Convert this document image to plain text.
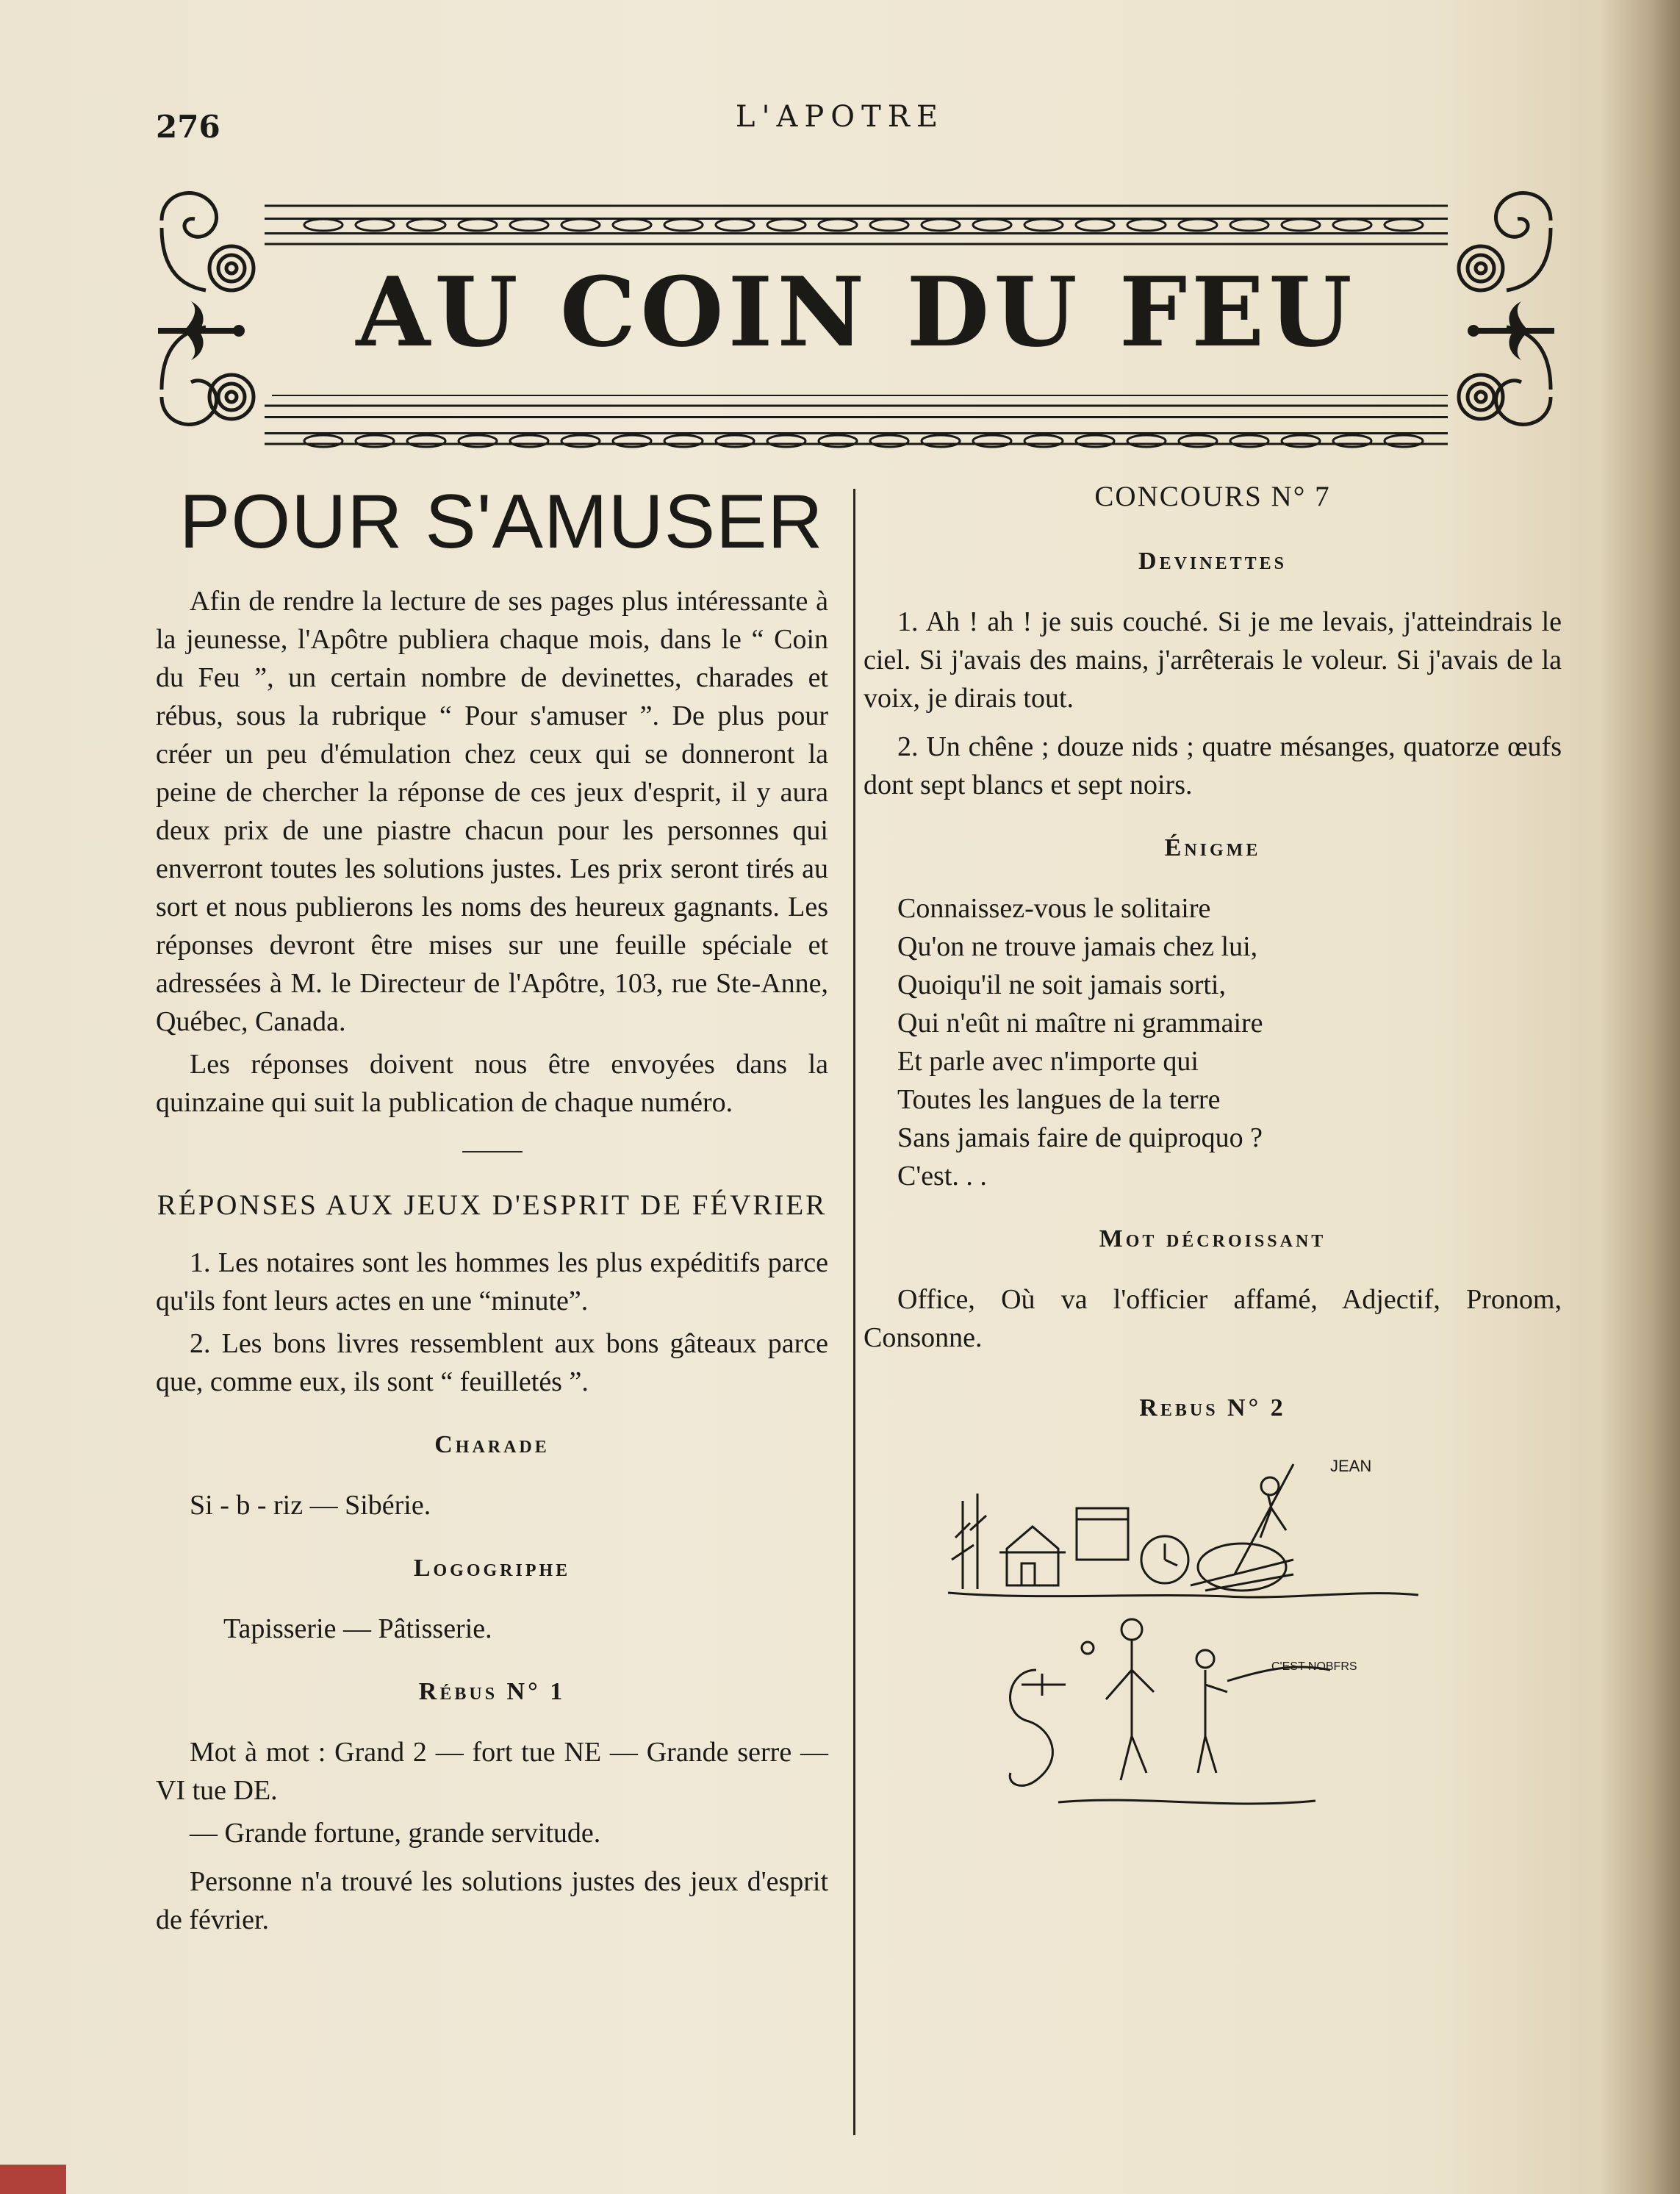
276	L'APOTRE
AU COIN DU FEU
POUR S'AMUSER

Afin de rendre la lecture de ses pages plus intéressante à la jeunesse, l'Apôtre publiera chaque mois, dans le “ Coin du Feu ”, un certain nombre de devinettes, charades et rébus, sous la rubrique “ Pour s'amuser ”. De plus pour créer un peu d'émulation chez ceux qui se donneront la peine de chercher la réponse de ces jeux d'esprit, il y aura deux prix de une piastre chacun pour les personnes qui enverront toutes les solutions justes. Les prix seront tirés au sort et nous publierons les noms des heureux gagnants. Les réponses devront être mises sur une feuille spéciale et adressées à M. le Directeur de l'Apôtre, 103, rue Ste-Anne, Québec, Canada.

Les réponses doivent nous être envoyées dans la quinzaine qui suit la publication de chaque numéro.

RÉPONSES AUX JEUX D'ESPRIT DE FÉVRIER

1. Les notaires sont les hommes les plus expéditifs parce qu'ils font leurs actes en une “minute”.

2. Les bons livres ressemblent aux bons gâteaux parce que, comme eux, ils sont “ feuilletés ”.

Charade

Si - b - riz — Sibérie.

Logogriphe

Tapisserie — Pâtisserie.

Rébus N° 1

Mot à mot : Grand 2 — fort tue NE — Grande serre — VI tue DE.

— Grande fortune, grande servitude.

Personne n'a trouvé les solutions justes des jeux d'esprit de février.

CONCOURS N° 7
Devinettes

1. Ah ! ah ! je suis couché. Si je me levais, j'atteindrais le ciel. Si j'avais des mains, j'arrêterais le voleur. Si j'avais de la voix, je dirais tout.

2. Un chêne ; douze nids ; quatre mésanges, quatorze œufs dont sept blancs et sept noirs.

Énigme

Connaissez-vous le solitaire

Qu'on ne trouve jamais chez lui,

Quoiqu'il ne soit jamais sorti,

Qui n'eût ni maître ni grammaire

Et parle avec n'importe qui

Toutes les langues de la terre

Sans jamais faire de quiproquo ?

C'est. . .

Mot décroissant

Office, Où va l'officier affamé, Adjectif, Pronom, Consonne.

Rebus N° 2
JEAN
C'EST NOBFRS
